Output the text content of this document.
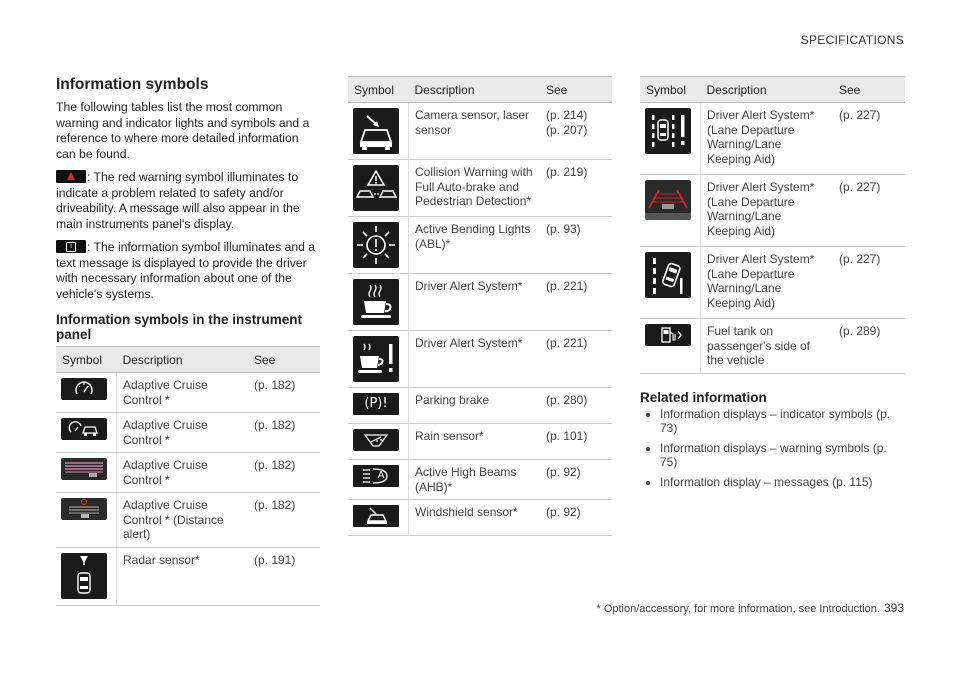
SPECIFICATIONS
Information symbols

The following tables list the most common warning and indicator lights and symbols and a reference to where more detailed information can be found.

: The red warning symbol illuminates to indicate a problem related to safety and/or driveability. A message will also appear in the main instruments panel's display.

i	: The information symbol illuminates and a text message is displayed to provide the driver with necessary information about one of the vehicle's systems.

Information symbols in the instrument panel
Symbol	Description	See

	Adaptive Cruise Control *	(p. 182)

	Adaptive Cruise Control *	(p. 182)

	Adaptive Cruise Control *	(p. 182)

	Adaptive Cruise Control * (Distance alert)	(p. 182)

	Radar sensor*	(p. 191)
Symbol	Description	See

	Camera sensor, laser sensor	(p. 214)
(p. 207)

	Collision Warning with Full Auto-brake and Pedestrian Detection*	(p. 219)

	Active Bending Lights (ABL)*	(p. 93)

	Driver Alert System*	(p. 221)

	Driver Alert System*	(p. 221)

(P)!	Parking brake	(p. 280)

	Rain sensor*	(p. 101)

A	Active High Beams (AHB)*	(p. 92)

	Windshield sensor*	(p. 92)
Symbol	Description	See

	Driver Alert System* (Lane Departure Warning/Lane Keeping Aid)	(p. 227)

	Driver Alert System* (Lane Departure Warning/Lane Keeping Aid)	(p. 227)

	Driver Alert System* (Lane Departure Warning/Lane Keeping Aid)	(p. 227)

	Fuel tank on passenger's side of the vehicle	(p. 289)
Related information
• Information displays – indicator symbols (p. 73)
• Information displays – warning symbols (p. 75)
• Information display – messages (p. 115)
* Option/accessory, for more information, see Introduction. 393
